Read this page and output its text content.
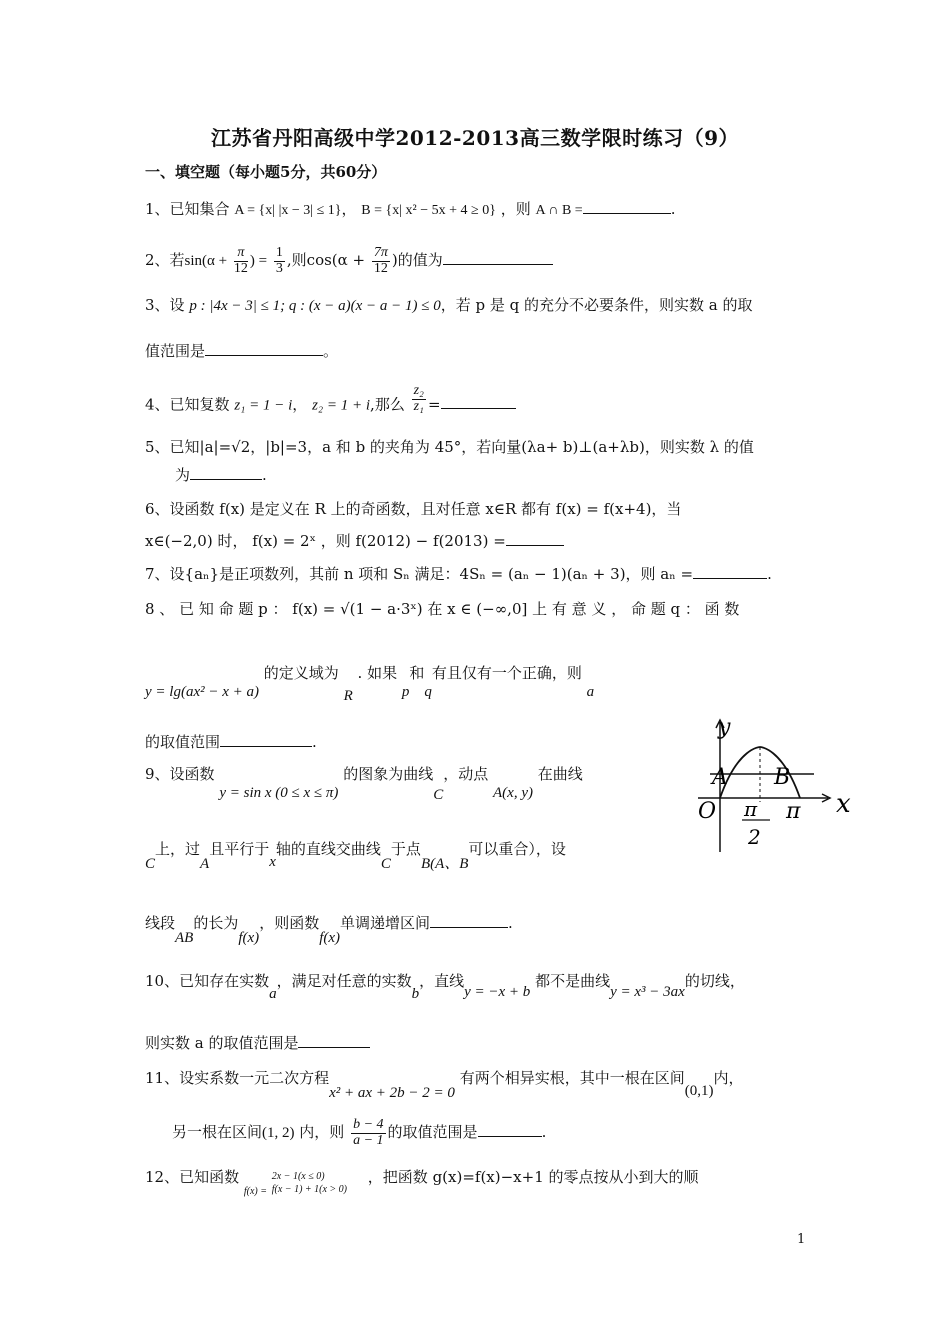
江苏省丹阳高级中学2012-2013高三数学限时练习（9）
一、填空题（每小题5分，共60分）
1、已知集合 A = {x| |x − 3| ≤ 1}， B = {x| x² − 5x + 4 ≥ 0} ，则 A ∩ B =	.
2、若$\sin(\alpha + \frac{\pi}{12}$ ) = $\frac{1}{3}$ ,则$\cos(\alpha + \frac{7\pi}{12}$ )的值为
3、设 p : |4x − 3| ≤ 1; q : (x − a)(x − a − 1) ≤ 0，若 p 是 q 的充分不必要条件，则实数 a 的取
值范围是	。
4、已知复数 z₁ = 1 − i， z₂ = 1 + i,那么 $\frac{\text{z₂}}{\text{z₁}}$ =
5、已知|a|=√2，|b|=3，a 和 b 的夹角为 45°，若向量(λa+ b)⊥(a+λb)，则实数 λ 的值
为	.
6、设函数 f(x) 是定义在 R 上的奇函数，且对任意 x∈R 都有 f(x) = f(x+4)，当
x∈(−2,0) 时， f(x) = 2ˣ ，则 f(2012) − f(2013) =
7、设{aₙ}是正项数列，其前 n 项和 Sₙ 满足：4Sₙ = (aₙ − 1)(aₙ + 3)，则 aₙ =	.
8 、 已 知 命 题 p ： f(x) = √(1 − a·3ˣ) 在 x ∈ (−∞,0] 上 有 意 义 ， 命 题 q ： 函 数
y = lg(ax² − x + a) 的定义域为 R . 如果 p和q有且仅有一个正确，则 a
的取值范围	.
9、设函数 y = sin x (0 ≤ x ≤ π) 的图象为曲线C，动点 A(x, y) 在曲线
C上，过A且平行于x轴的直线交曲线C于点B(A、B可以重合），设
线段AB的长为f(x)，则函数f(x)单调递增区间	.
y
x
A B
O	π
π
2
10、已知存在实数a，满足对任意的实数b，直线y = −x + b 都不是曲线y = x³ − 3ax的切线，
则实数 a 的取值范围是
11、设实系数一元二次方程x² + ax + 2b − 2 = 0 有两个相异实根，其中一根在区间(0,1)内，
另一根在区间(1, 2) 内，则 $\frac{b - 4}{a - 1}$ 的取值范围是	.
12、已知函数 $_{f(x) =}$
2x − 1(x ≤ 0)
f(x − 1) + 1(x > 0)
，把函数 g(x)=f(x)−x+1 的零点按从小到大的顺
1
